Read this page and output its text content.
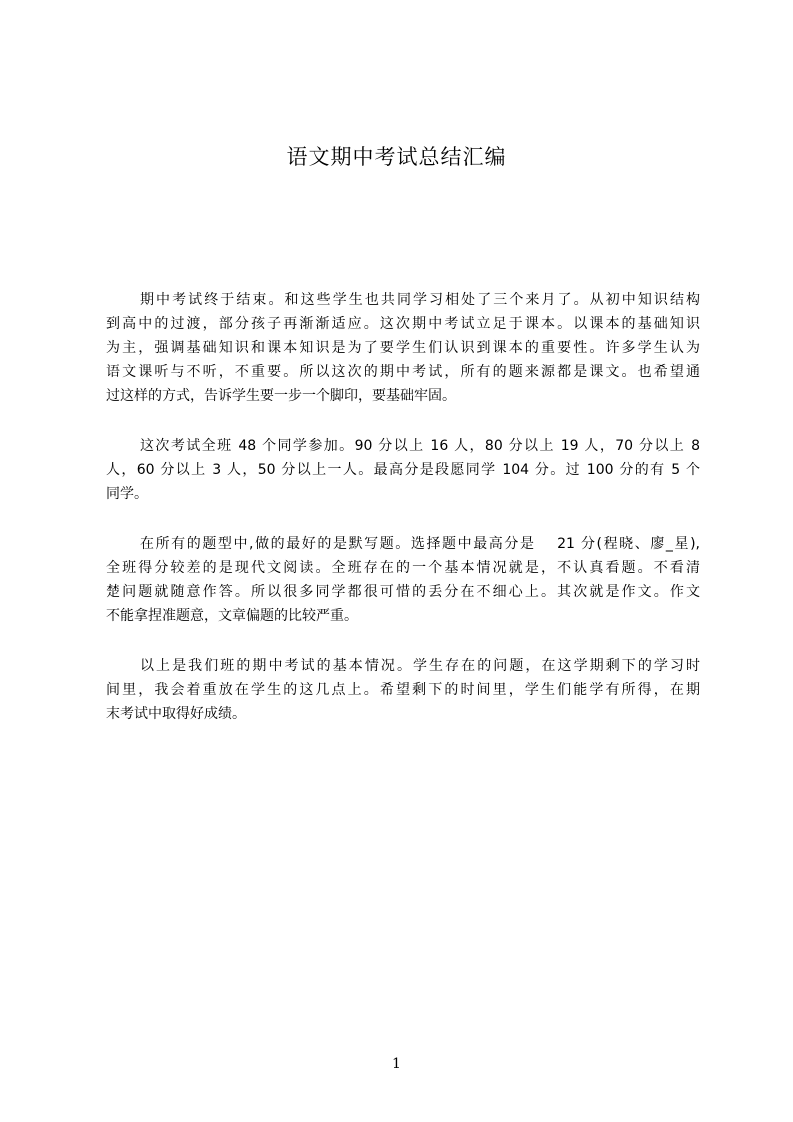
语文期中考试总结汇编

期中考试终于结束。和这些学生也共同学习相处了三个来月了。从初中知识结构
到高中的过渡，部分孩子再渐渐适应。这次期中考试立足于课本。以课本的基础知识
为主，强调基础知识和课本知识是为了要学生们认识到课本的重要性。许多学生认为
语文课听与不听，不重要。所以这次的期中考试，所有的题来源都是课文。也希望通
过这样的方式，告诉学生要一步一个脚印，要基础牢固。

这次考试全班 48 个同学参加。90 分以上 16 人，80 分以上 19 人，70 分以上 8
人，60 分以上 3 人，50 分以上一人。最高分是段愿同学 104 分。过 100 分的有 5 个
同学。

在所有的题型中,做的最好的是默写题。选择题中最高分是　 21 分(程晓、廖_星),
全班得分较差的是现代文阅读。全班存在的一个基本情况就是，不认真看题。不看清
楚问题就随意作答。所以很多同学都很可惜的丢分在不细心上。其次就是作文。作文
不能拿捏准题意，文章偏题的比较严重。

以上是我们班的期中考试的基本情况。学生存在的问题，在这学期剩下的学习时
间里，我会着重放在学生的这几点上。希望剩下的时间里，学生们能学有所得，在期
末考试中取得好成绩。

1
